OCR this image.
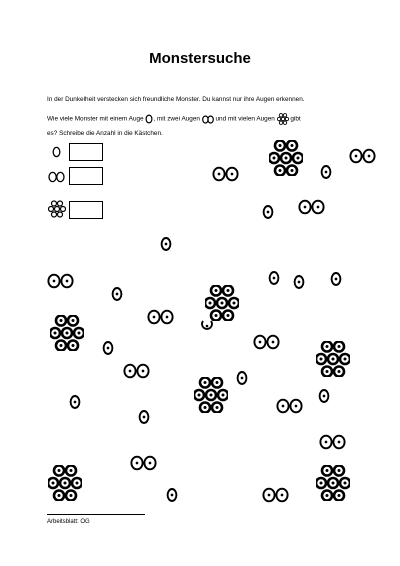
Monstersuche
In der Dunkelheit verstecken sich freundliche Monster. Du kannst nur ihre Augen erkennen.
Wie viele Monster mit einem Auge , mit zwei Augen und mit vielen Augen gibt
es? Schreibe die Anzahl in die Kästchen.
Arbeitsblatt: OG
